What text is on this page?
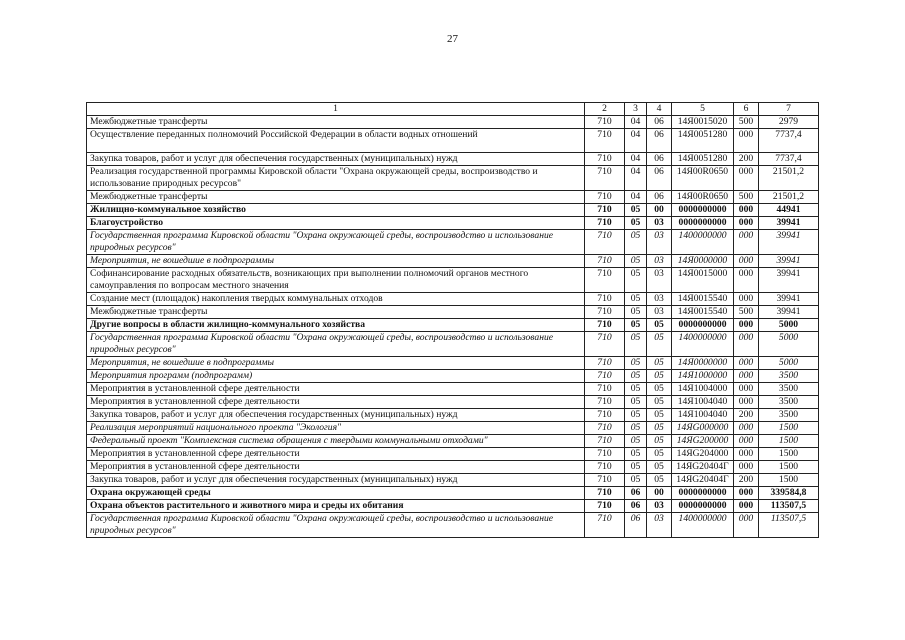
27
1	2	3	4	5	6	7
Межбюджетные трансферты	710	04	06	14Я0015020	500	2979
Осуществление переданных полномочий Российской Федерации в области водных отношений	710	04	06	14Я0051280	000	7737,4
Закупка товаров, работ и услуг для обеспечения государственных (муниципальных) нужд	710	04	06	14Я0051280	200	7737,4
Реализация государственной программы Кировской области "Охрана окружающей среды, воспроизводство и использование природных ресурсов"	710	04	06	14Я00R0650	000	21501,2
Межбюджетные трансферты	710	04	06	14Я00R0650	500	21501,2
Жилищно-коммунальное хозяйство	710	05	00	0000000000	000	44941
Благоустройство	710	05	03	0000000000	000	39941
Государственная программа Кировской области "Охрана окружающей среды, воспроизводство и использование природных ресурсов"	710	05	03	1400000000	000	39941
Мероприятия, не вошедшие в подпрограммы	710	05	03	14Я0000000	000	39941
Софинансирование расходных обязательств, возникающих при выполнении полномочий органов местного самоуправления по вопросам местного значения	710	05	03	14Я0015000	000	39941
Создание мест (площадок) накопления твердых коммунальных отходов	710	05	03	14Я0015540	000	39941
Межбюджетные трансферты	710	05	03	14Я0015540	500	39941
Другие вопросы в области жилищно-коммунального хозяйства	710	05	05	0000000000	000	5000
Государственная программа Кировской области "Охрана окружающей среды, воспроизводство и использование природных ресурсов"	710	05	05	1400000000	000	5000
Мероприятия, не вошедшие в подпрограммы	710	05	05	14Я0000000	000	5000
Мероприятия программ (подпрограмм)	710	05	05	14Я1000000	000	3500
Мероприятия в установленной сфере деятельности	710	05	05	14Я1004000	000	3500
Мероприятия в установленной сфере деятельности	710	05	05	14Я1004040	000	3500
Закупка товаров, работ и услуг для обеспечения государственных (муниципальных) нужд	710	05	05	14Я1004040	200	3500
Реализация мероприятий национального проекта "Экология"	710	05	05	14ЯG000000	000	1500
Федеральный проект "Комплексная система обращения с твердыми коммунальными отходами"	710	05	05	14ЯG200000	000	1500
Мероприятия в установленной сфере деятельности	710	05	05	14ЯG204000	000	1500
Мероприятия в установленной сфере деятельности	710	05	05	14ЯG20404Г	000	1500
Закупка товаров, работ и услуг для обеспечения государственных (муниципальных) нужд	710	05	05	14ЯG20404Г	200	1500
Охрана окружающей среды	710	06	00	0000000000	000	339584,8
Охрана объектов растительного и животного мира и среды их обитания	710	06	03	0000000000	000	113507,5
Государственная программа Кировской области "Охрана окружающей среды, воспроизводство и использование природных ресурсов"	710	06	03	1400000000	000	113507,5
